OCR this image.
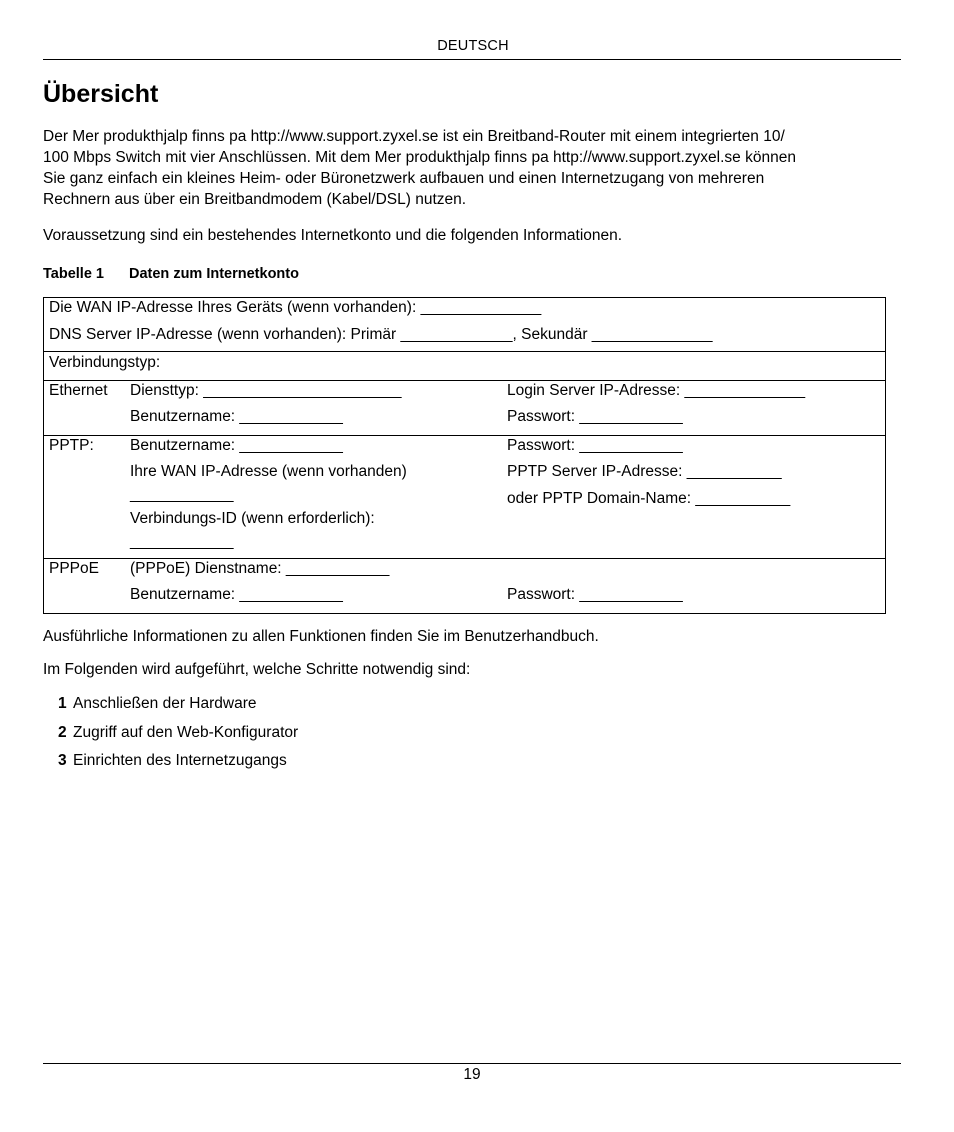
DEUTSCH
Übersicht
Der Mer produkthjalp finns pa http://www.support.zyxel.se ist ein Breitband-Router mit einem integrierten 10/
100 Mbps Switch mit vier Anschlüssen. Mit dem Mer produkthjalp finns pa http://www.support.zyxel.se können
Sie ganz einfach ein kleines Heim- oder Büronetzwerk aufbauen und einen Internetzugang von mehreren
Rechnern aus über ein Breitbandmodem (Kabel/DSL) nutzen.
Voraussetzung sind ein bestehendes Internetkonto und die folgenden Informationen.
Tabelle 1 Daten zum Internetkonto
Die WAN IP-Adresse Ihres Geräts (wenn vorhanden): ______________
DNS Server IP-Adresse (wenn vorhanden): Primär _____________, Sekundär ______________
Verbindungstyp:
Ethernet Diensttyp: _______________________
Benutzername: ____________
Login Server IP-Adresse: ______________
Passwort: ____________
PPTP: Benutzername: ____________
Ihre WAN IP-Adresse (wenn vorhanden)
____________
Verbindungs-ID (wenn erforderlich):
____________
Passwort: ____________
PPTP Server IP-Adresse: ___________
oder PPTP Domain-Name: ___________
PPPoE (PPPoE) Dienstname: ____________
Benutzername: ____________	Passwort: ____________
Ausführliche Informationen zu allen Funktionen finden Sie im Benutzerhandbuch.
Im Folgenden wird aufgeführt, welche Schritte notwendig sind:
1 Anschließen der Hardware
2 Zugriff auf den Web-Konfigurator
3 Einrichten des Internetzugangs
19
